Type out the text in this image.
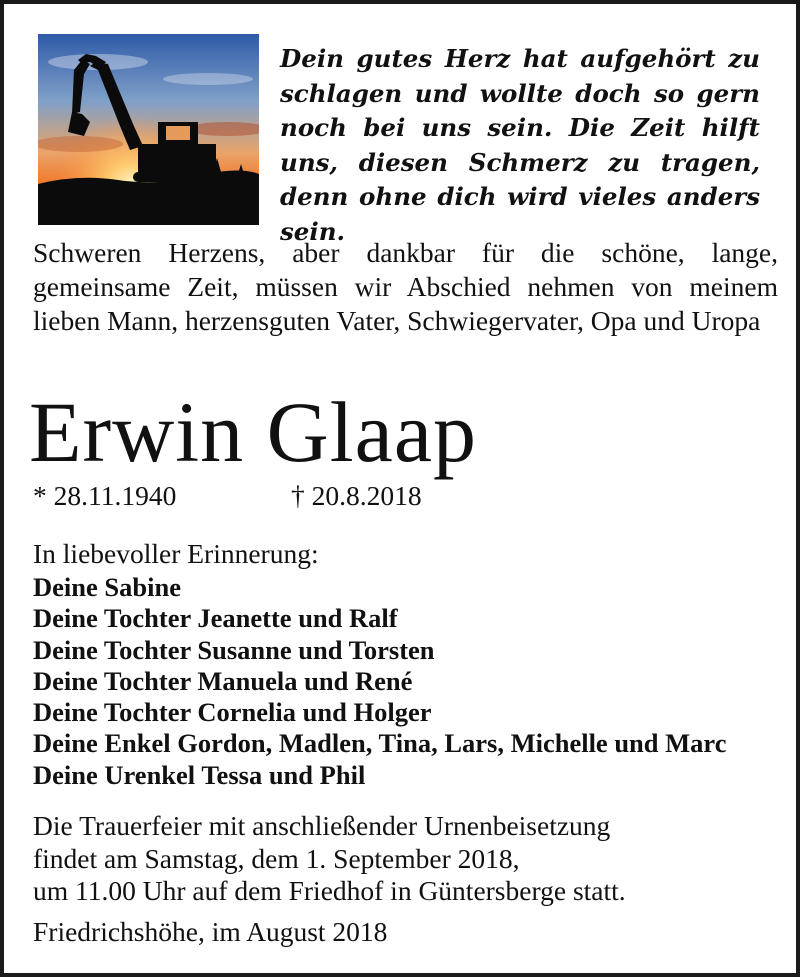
Dein gutes Herz hat aufgehört zu schlagen und wollte doch so gern noch bei uns sein. Die Zeit hilft uns, diesen Schmerz zu tragen, denn ohne dich wird vieles anders sein.
Schweren Herzens, aber dankbar für die schöne, lange, gemeinsame Zeit, müssen wir Abschied nehmen von meinem lieben Mann, herzensguten Vater, Schwiegervater, Opa und Uropa
Erwin Glaap
* 28.11.1940	† 20.8.2018
In liebevoller Erinnerung:
Deine Sabine
Deine Tochter Jeanette und Ralf
Deine Tochter Susanne und Torsten
Deine Tochter Manuela und René
Deine Tochter Cornelia und Holger
Deine Enkel Gordon, Madlen, Tina, Lars, Michelle und Marc
Deine Urenkel Tessa und Phil
Die Trauerfeier mit anschließender Urnenbeisetzung
findet am Samstag, dem 1. September 2018,
um 11.00 Uhr auf dem Friedhof in Güntersberge statt.
Friedrichshöhe, im August 2018
